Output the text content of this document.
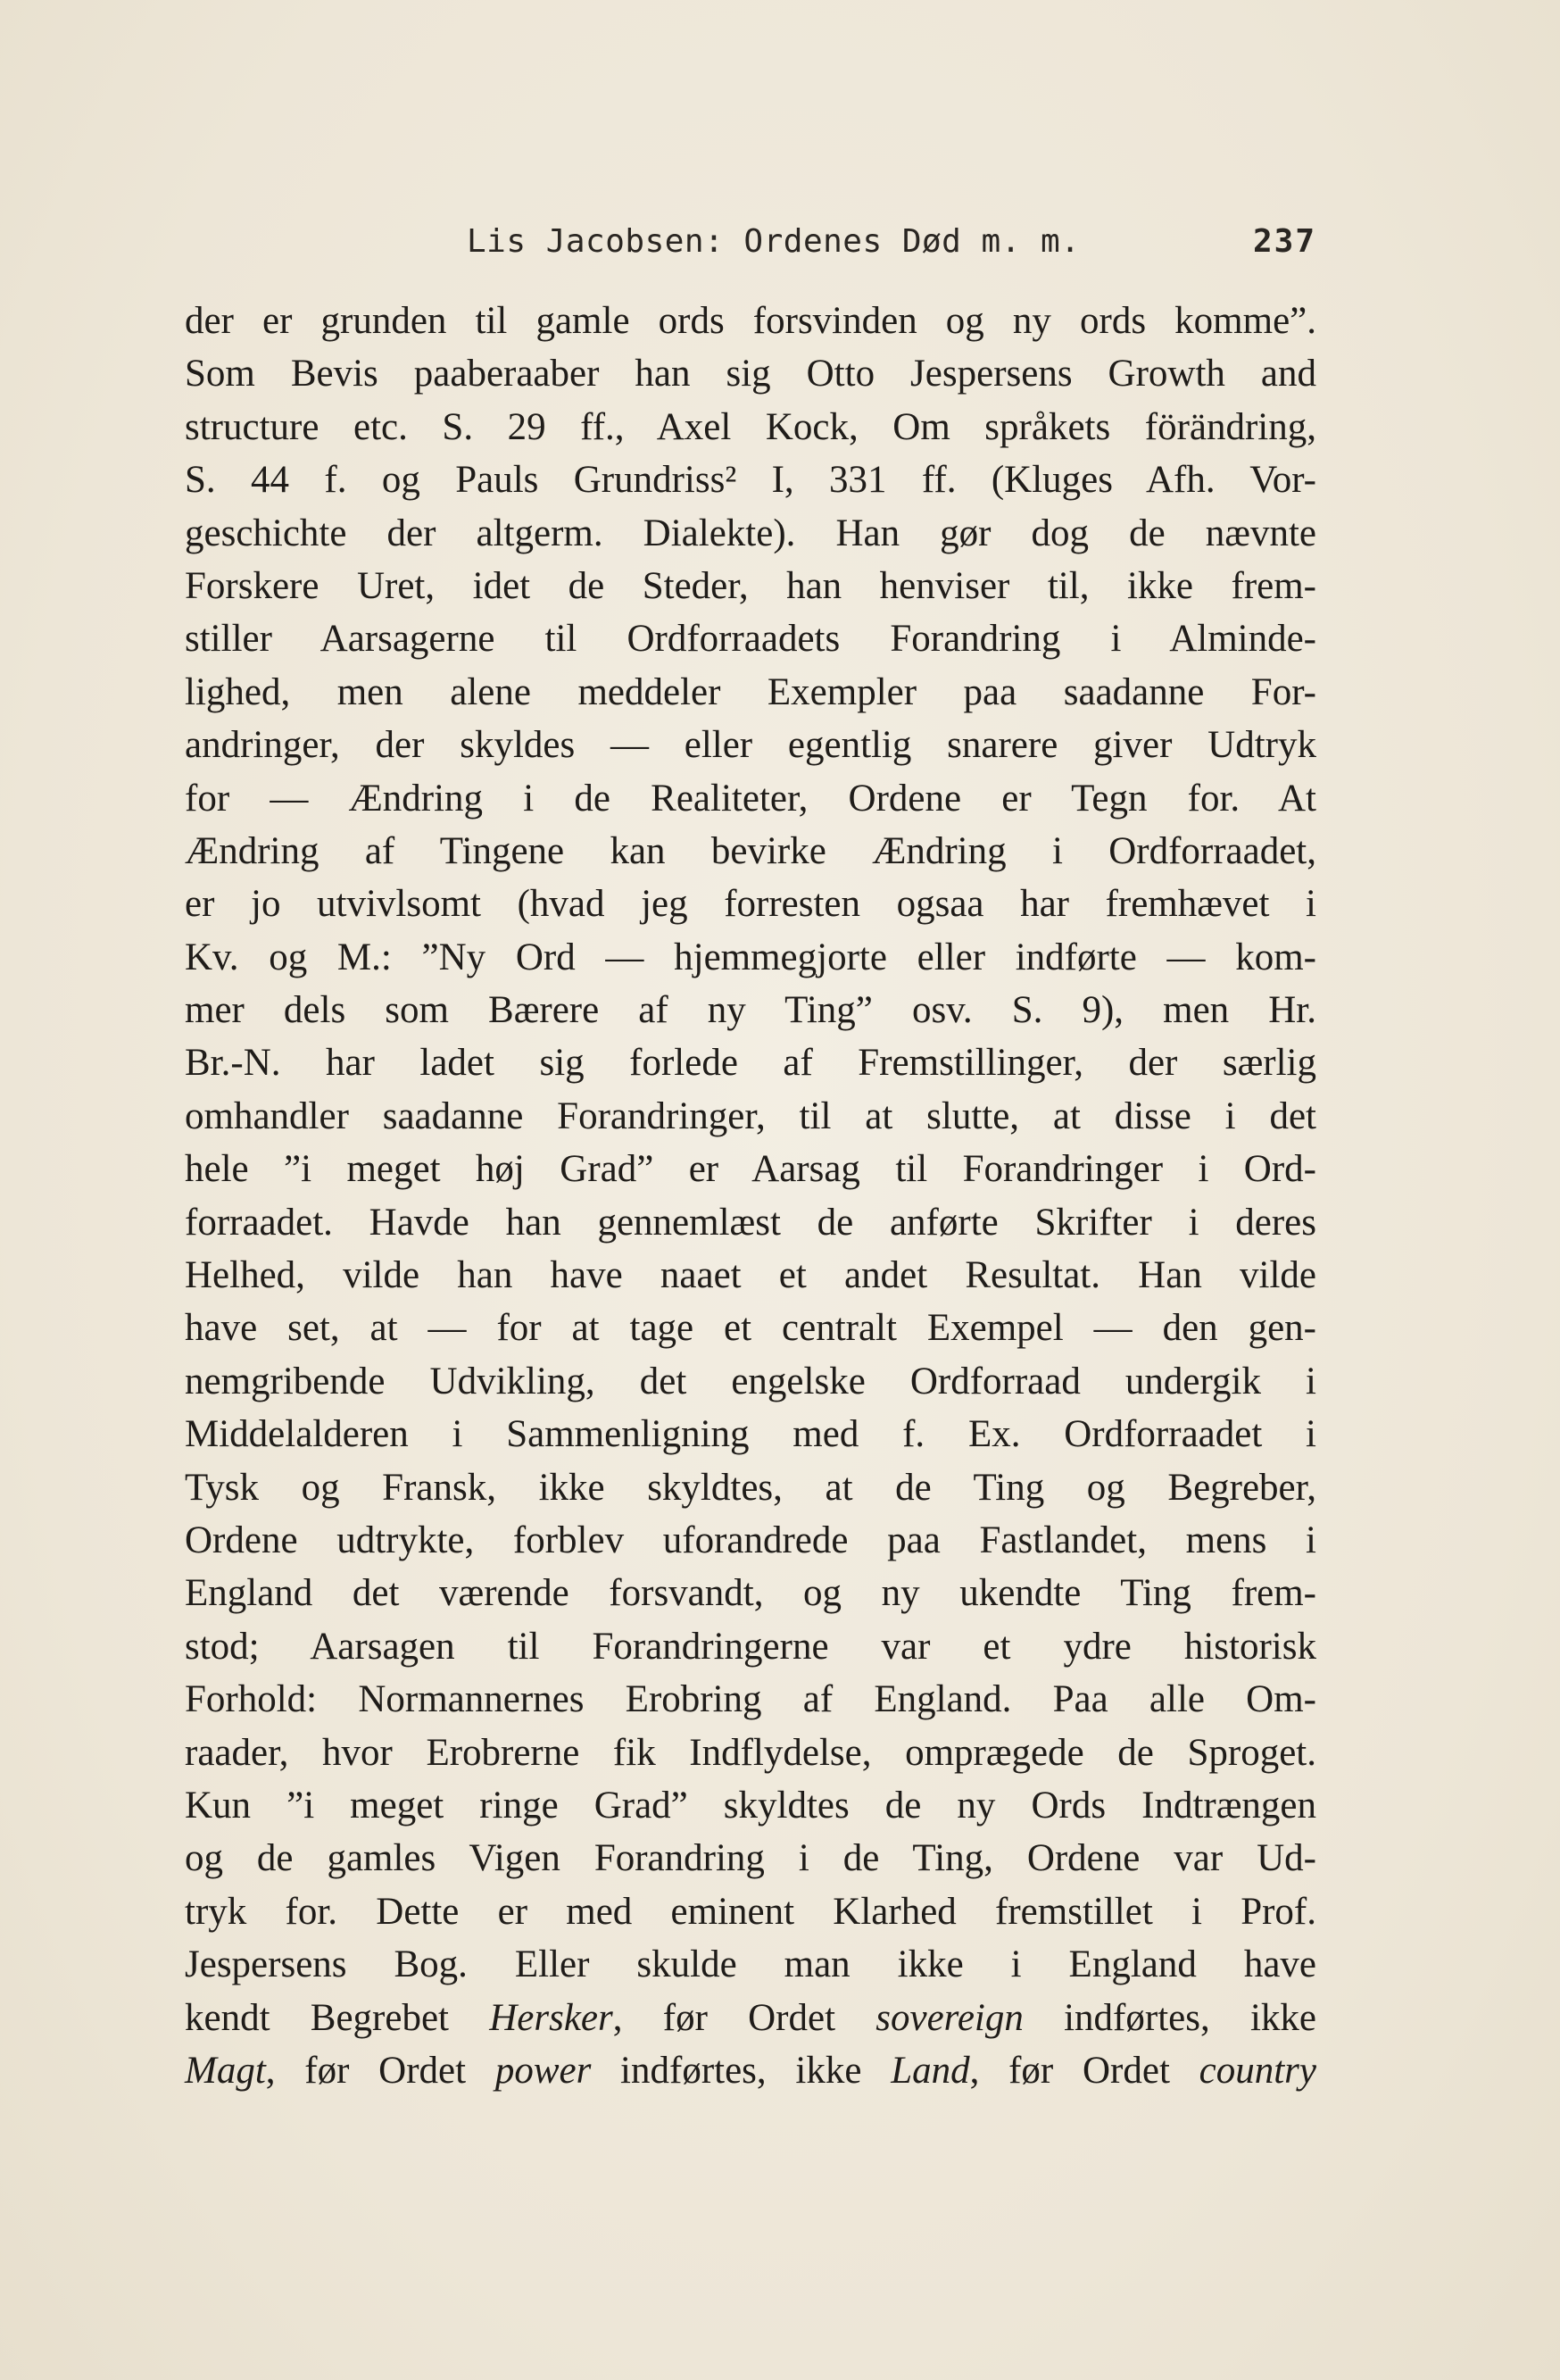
Lis Jacobsen: Ordenes Død m. m.	237
der er grunden til gamle ords forsvinden og ny ords komme”.
Som Bevis paaberaaber han sig Otto Jespersens Growth and
structure etc. S. 29 ff., Axel Kock, Om språkets förändring,
S. 44 f. og Pauls Grundriss² I, 331 ff. (Kluges Afh. Vor-
geschichte der altgerm. Dialekte). Han gør dog de nævnte
Forskere Uret, idet de Steder, han henviser til, ikke frem-
stiller Aarsagerne til Ordforraadets Forandring i Alminde-
lighed, men alene meddeler Exempler paa saadanne For-
andringer, der skyldes — eller egentlig snarere giver Udtryk
for — Ændring i de Realiteter, Ordene er Tegn for. At
Ændring af Tingene kan bevirke Ændring i Ordforraadet,
er jo utvivlsomt (hvad jeg forresten ogsaa har fremhævet i
Kv. og M.: ”Ny Ord — hjemmegjorte eller indførte — kom-
mer dels som Bærere af ny Ting” osv. S. 9), men Hr.
Br.-N. har ladet sig forlede af Fremstillinger, der særlig
omhandler saadanne Forandringer, til at slutte, at disse i det
hele ”i meget høj Grad” er Aarsag til Forandringer i Ord-
forraadet. Havde han gennemlæst de anførte Skrifter i deres
Helhed, vilde han have naaet et andet Resultat. Han vilde
have set, at — for at tage et centralt Exempel — den gen-
nemgribende Udvikling, det engelske Ordforraad undergik i
Middelalderen i Sammenligning med f. Ex. Ordforraadet i
Tysk og Fransk, ikke skyldtes, at de Ting og Begreber,
Ordene udtrykte, forblev uforandrede paa Fastlandet, mens i
England det værende forsvandt, og ny ukendte Ting frem-
stod; Aarsagen til Forandringerne var et ydre historisk
Forhold: Normannernes Erobring af England. Paa alle Om-
raader, hvor Erobrerne fik Indflydelse, omprægede de Sproget.
Kun ”i meget ringe Grad” skyldtes de ny Ords Indtrængen
og de gamles Vigen Forandring i de Ting, Ordene var Ud-
tryk for. Dette er med eminent Klarhed fremstillet i Prof.
Jespersens Bog. Eller skulde man ikke i England have
kendt Begrebet Hersker, før Ordet sovereign indførtes, ikke
Magt, før Ordet power indførtes, ikke Land, før Ordet country
